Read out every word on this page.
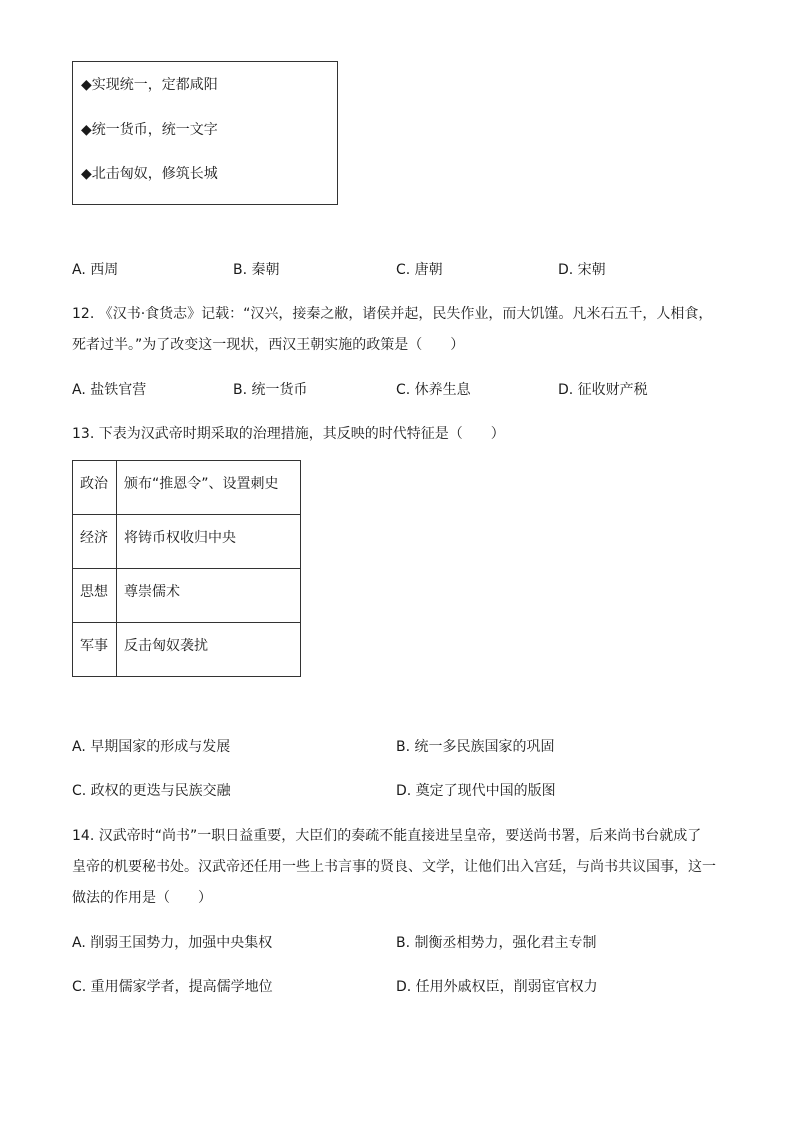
◆实现统一，定都咸阳
◆统一货币，统一文字
◆北击匈奴，修筑长城
A. 西周	B. 秦朝	C. 唐朝	D. 宋朝
12. 《汉书·食货志》记载：“汉兴，接秦之敝，诸侯并起，民失作业，而大饥馑。凡米石五千，人相食，
死者过半。”为了改变这一现状，西汉王朝实施的政策是（　　）
A. 盐铁官营	B. 统一货币	C. 休养生息	D. 征收财产税
13. 下表为汉武帝时期采取的治理措施，其反映的时代特征是（　　）
政治	颁布“推恩令”、设置刺史
经济	将铸币权收归中央
思想	尊崇儒术
军事	反击匈奴袭扰
A. 早期国家的形成与发展	B. 统一多民族国家的巩固
C. 政权的更迭与民族交融	D. 奠定了现代中国的版图
14. 汉武帝时“尚书”一职日益重要，大臣们的奏疏不能直接进呈皇帝，要送尚书署，后来尚书台就成了
皇帝的机要秘书处。汉武帝还任用一些上书言事的贤良、文学，让他们出入宫廷，与尚书共议国事，这一
做法的作用是（　　）
A. 削弱王国势力，加强中央集权	B. 制衡丞相势力，强化君主专制
C. 重用儒家学者，提高儒学地位	D. 任用外戚权臣，削弱宦官权力
